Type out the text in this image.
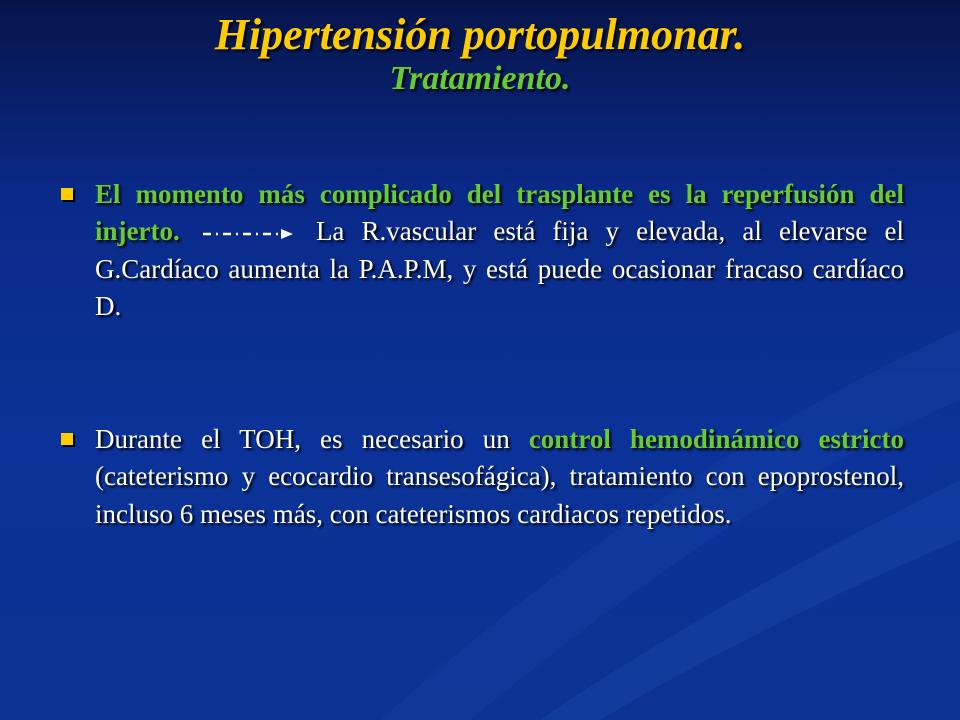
Hipertensión portopulmonar.
Tratamiento.
El momento más complicado del trasplante es la reperfusión del injerto.	La R.vascular está fija y elevada, al elevarse el G.Cardíaco aumenta la P.A.P.M, y está puede ocasionar fracaso cardíaco D.
Durante el TOH, es necesario un control hemodinámico estricto (cateterismo y ecocardio transesofágica), tratamiento con epoprostenol, incluso 6 meses más, con cateterismos cardiacos repetidos.
